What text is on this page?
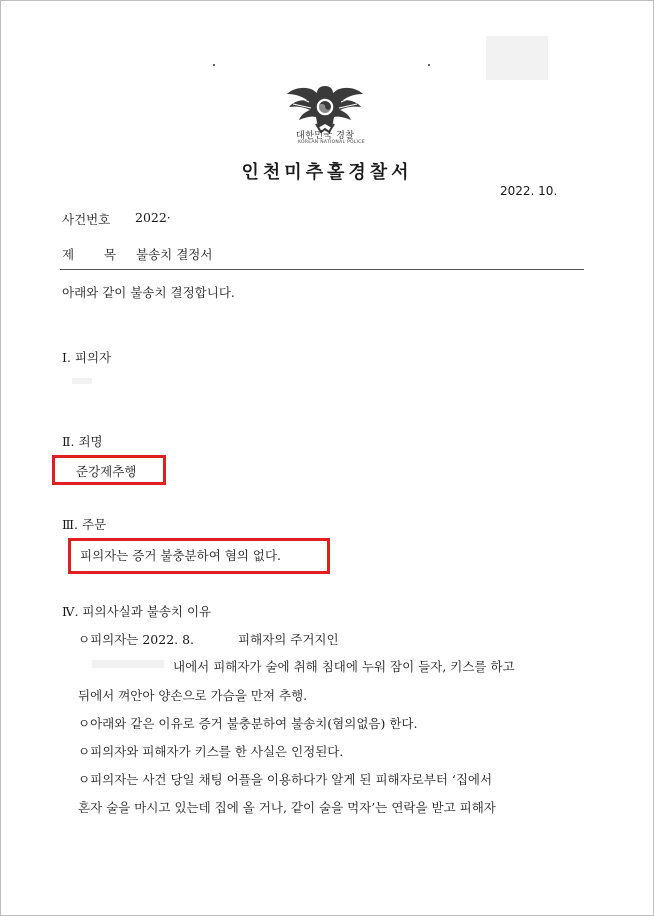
대한민국 경찰
KOREAN NATIONAL POLICE
인천미추홀경찰서
2022. 10.
사건번호 2022·
제 목 불송치 결정서
아래와 같이 불송치 결정합니다.
Ⅰ. 피의자
Ⅱ. 죄명
준강제추행
Ⅲ. 주문
피의자는 증거 불충분하여 혐의 없다.
Ⅳ. 피의사실과 불송치 이유
ㅇ피의자는 2022. 8.	피해자의 주거지인
내에서 피해자가 술에 취해 침대에 누워 잠이 들자, 키스를 하고
뒤에서 껴안아 양손으로 가슴을 만져 추행.
ㅇ아래와 같은 이유로 증거 불충분하여 불송치(혐의없음) 한다.
ㅇ피의자와 피해자가 키스를 한 사실은 인정된다.
ㅇ피의자는 사건 당일 채팅 어플을 이용하다가 알게 된 피해자로부터 ‘집에서
혼자 술을 마시고 있는데 집에 올 거나, 같이 술을 먹자’는 연락을 받고 피해자
